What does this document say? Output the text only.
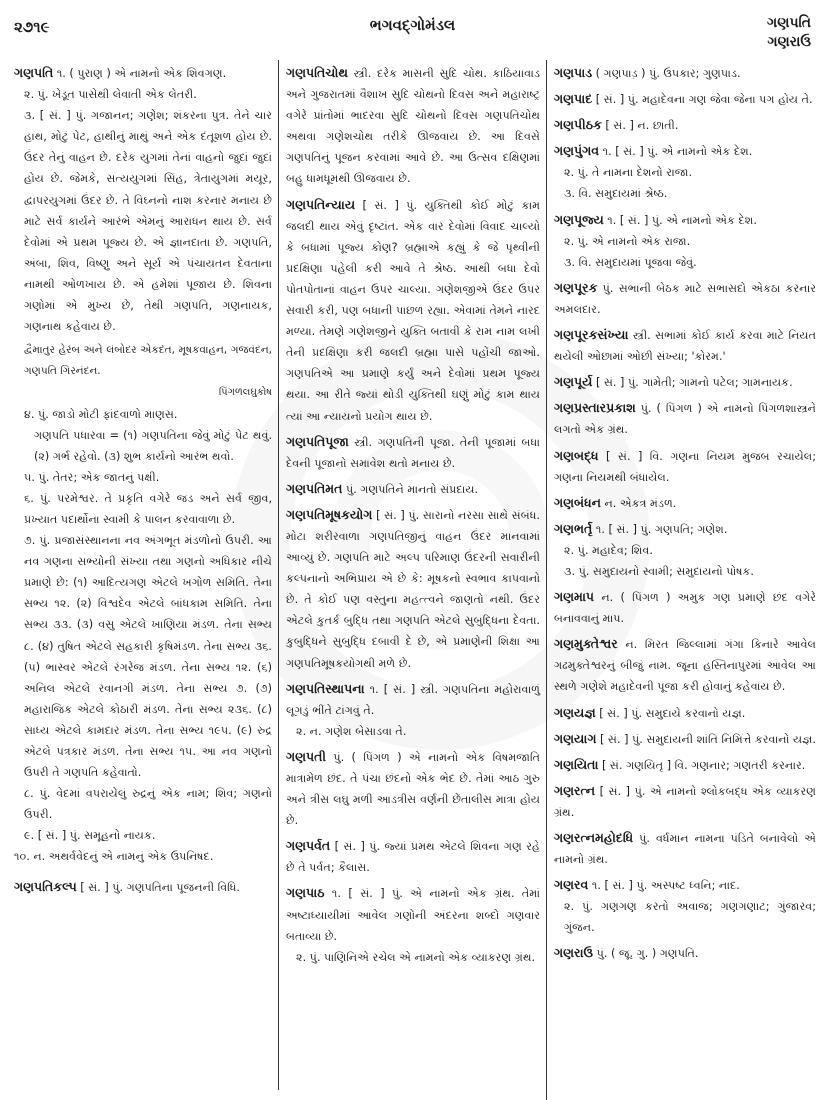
૨૭૧૯	ભગવદ્ગોમંડલ	ગણપતિ
ગણરાઉ
ગણપતિ ૧. ( પુરાણ ) એ નામનો એક શિવગણ.
૨. પું. ખેડૂત પાસેથી લેવાતી એક લેતરી.
૩. [ સં. ] પું. ગજાનન; ગણેશ; શંકરના પુત્ર. તેને ચાર હાથ, મોટું પેટ, હાથીનું માથું અને એક દંતૂશળ હોય છે. ઉંદર તેનું વાહન છે. દરેક યુગમાં તેનાં વાહનો જુદાં જુદાં હોય છે. જેમકે, સત્યયુગમાં સિંહ, ત્રેતાયુગમાં મયૂર, દ્વાપરયુગમાં ઉંદર છે. તે વિઘ્નનો નાશ કરનાર મનાય છે માટે સર્વ કાર્યને આરંભે એમનું આરાધન થાય છે. સર્વ દેવોમાં એ પ્રથમ પૂજ્ય છે. એ જ્ઞાનદાતા છે. ગણપતિ, અંબા, શિવ, વિષ્ણુ અને સૂર્ય એ પંચાયતન દેવતાના નામથી ઓળખાય છે. એ હમેશાં પૂજાય છે. શિવના ગણોમાં એ મુખ્ય છે, તેથી ગણપતિ, ગણનાયક, ગણનાથ કહેવાય છે.
દ્વૈમાતુર હેરંબ અને લંબોદર એકદંત, મૂષકવાહન, ગજવંદન, ગણપતિ ગિરનંદન.
પિંગળલઘુકોષ
૪. પું. જાડો મોટી ફાંદવાળો માણસ.
ગણપતિ પધારવા = (૧) ગણપતિના જેવું મોટું પેટ થવું. (૨) ગર્ભ રહેવો. (૩) શુભ કાર્યનો આરંભ થવો.
૫. પું. તેતર; એક જાતનું પક્ષી.
૬. પું. પરમેશ્વર. તે પ્રકૃતિ વગેરે જડ અને સર્વ જીવ, પ્રખ્યાત પદાર્થોના સ્વામી કે પાલન કરવાવાળા છે.
૭. પું. પ્રજાસંસ્થાનના નવ અંગભૂત મંડળોનો ઉપરી. આ નવ ગણના સભ્યોની સંખ્યા તથા ગણનો અધિકાર નીચે પ્રમાણે છે: (૧) આદિત્યગણ એટલે ખગોળ સમિતિ. તેના સભ્ય ૧૨. (૨) વિશ્વદેવ એટલે બાંધકામ સમિતિ. તેના સભ્ય ૩૩. (૩) વસુ એટલે ખાણિયા મંડળ. તેના સભ્ય ૮. (૪) તુષિત એટલે સહકારી કૃષિમંડળ. તેના સભ્ય ૩૬. (૫) ભાસ્વર એટલે રંગરેજ મંડળ. તેના સભ્ય ૧૨. (૬) અનિલ એટલે રવાનગી મંડળ. તેના સભ્ય ૭. (૭) મહારાજિક એટલે કોઠારી મંડળ. તેના સભ્ય ૨૩૬. (૮) સાધ્ય એટલે કામદાર મંડળ. તેના સભ્ય ૧૯૫. (૯) રુદ્ર એટલે પત્રકાર મંડળ. તેના સભ્ય ૧૫. આ નવ ગણનો ઉપરી તે ગણપતિ કહેવાતો.
૮. પું. વેદમાં વપરાયેલું રુદ્રનું એક નામ; શિવ; ગણનો ઉપરી.
૯. [ સં. ] પું. સમૂહનો નાયક.
૧૦. ન. અથર્વવેદનું એ નામનું એક ઉપનિષદ.
ગણપતિકલ્પ [ સં. ] પું. ગણપતિના પૂજનની વિધિ.
ગણપતિચોથ સ્ત્રી. દરેક માસની સુદિ ચોથ. કાઠિયાવાડ અને ગુજરાતમાં વૈશાખ સુદિ ચોથનો દિવસ અને મહારાષ્ટ્ર વગેરે પ્રાંતોમાં ભાદરવા સુદિ ચોથનો દિવસ ગણપતિચોથ અથવા ગણેશચોથ તરીકે ઊજવાય છે. આ દિવસે ગણપતિનું પૂજન કરવામાં આવે છે. આ ઉત્સવ દક્ષિણમાં બહુ ધામધૂમથી ઊજવાય છે.
ગણપતિન્યાય [ સં. ] પું. યુક્તિથી કોઈ મોટું કામ જલદી થાય એવું દૃષ્ટાંત. એક વાર દેવોમાં વિવાદ ચાલ્યો કે બધામાં પૂજ્ય કોણ? બ્રહ્માએ કહ્યું કે જે પૃથ્વીની પ્રદક્ષિણા પહેલી કરી આવે તે શ્રેષ્ઠ. આથી બધા દેવો પોતપોતાનાં વાહન ઉપર ચાલ્યા. ગણેશજીએ ઉંદર ઉપર સવારી કરી, પણ બધાની પાછળ રહ્યા. એવામાં તેમને નારદ મળ્યા. તેમણે ગણેશજીને યુક્તિ બતાવી કે રામ નામ લખી તેની પ્રદક્ષિણા કરી જલદી બ્રહ્મા પાસે પહોંચી જાઓ. ગણપતિએ આ પ્રમાણે કર્યું અને દેવોમાં પ્રથમ પૂજ્ય થયા. આ રીતે જ્યાં થોડી યુક્તિથી ઘણું મોટું કામ થાય ત્યાં આ ન્યાયનો પ્રયોગ થાય છે.
ગણપતિપૂજા સ્ત્રી. ગણપતિની પૂજા. તેની પૂજામાં બધા દેવની પૂજાનો સમાવેશ થતો મનાય છે.
ગણપતિમત પું. ગણપતિને માનતો સંપ્રદાય.
ગણપતિમૂષકયોગ [ સં. ] પું. સારાનો નરસા સાથે સંબંધ. મોટા શરીરવાળા ગણપતિજીનું વાહન ઉંદર માનવામાં આવ્યું છે. ગણપતિ માટે અલ્પ પરિમાણ ઉંદરની સવારીની કલ્પનાનો અભિપ્રાય એ છે કે: મૂષકનો સ્વભાવ કાપવાનો છે. તે કોઈ પણ વસ્તુના મહત્ત્વને જાણતો નથી. ઉંદર એટલે કુતર્ક બુદ્ધિ તથા ગણપતિ એટલે સુબુદ્ધિના દેવતા. કુબુદ્ધિને સુબુદ્ધિ દબાવી દે છે, એ પ્રમાણેની શિક્ષા આ ગણપતિમૂષકયોગથી મળે છે.
ગણપતિસ્થાપના ૧. [ સં. ] સ્ત્રી. ગણપતિના મહોરાવાળું લૂગડું ભીંતે ટાંગવું તે.
૨. ન. ગણેશ બેસાડવા તે.
ગણપતી પું. ( પિંગળ ) એ નામનો એક વિષમજાતિ માત્રામેળ છંદ. તે પંચા છંદનો એક ભેદ છે. તેમાં આઠ ગુરુ અને ત્રીસ લઘુ મળી આડત્રીસ વર્ણની છેંતાલીસ માત્રા હોય છે.
ગણપર્વત [ સં. ] પું. જ્યાં પ્રમથ એટલે શિવના ગણ રહે છે તે પર્વત; કૈલાસ.
ગણપાઠ ૧. [ સં. ] પું. એ નામનો એક ગ્રંથ. તેમાં અષ્ટાધ્યાયીમાં આવેલ ગણોની અંદરના શબ્દો ગણવાર બતાવ્યા છે.
૨. પું. પાણિનિએ રચેલ એ નામનો એક વ્યાકરણ ગ્રંથ.
ગણપાડ ( ગણપાડ઼ ) પું. ઉપકાર; ગુણપાડ.
ગણપાદ [ સં. ] પું. મહાદેવના ગણ જેવા જેના પગ હોય તે.
ગણપીઠક [ સં. ] ન. છાતી.
ગણપુંગવ ૧. [ સં. ] પું. એ નામનો એક દેશ.
૨. પું. તે નામના દેશનો રાજા.
૩. વિ. સમુદાયમાં શ્રેષ્ઠ.
ગણપૂજ્ય ૧. [ સં. ] પું. એ નામનો એક દેશ.
૨. પું. એ નામનો એક રાજા.
૩. વિ. સમુદાયમાં પૂજવા જેવું.
ગણપૂરક પું. સભાની બેઠક માટે સભાસદો એકઠા કરનાર અમલદાર.
ગણપૂરકસંખ્યા સ્ત્રી. સભામાં કોઈ કાર્ય કરવા માટે નિયત થયેલી ઓછામાં ઓછી સંખ્યા; 'કોરમ.'
ગણપૂર્ય [ સં. ] પું. ગામેતી; ગામનો પટેલ; ગામનાયક.
ગણપ્રસ્તારપ્રકાશ પું. ( પિંગળ ) એ નામનો પિંગળશાસ્ત્રને લગતો એક ગ્રંથ.
ગણબદ્ધ [ સં. ] વિ. ગણના નિયમ મુજબ રચાયેલ; ગણના નિયમથી બંધાયેલ.
ગણબંધન ન. એકત્ર મંડળ.
ગણભર્તૃ ૧. [ સં. ] પું. ગણપતિ; ગણેશ.
૨. પું. મહાદેવ; શિવ.
૩. પું. સમુદાયનો સ્વામી; સમુદાયનો પોષક.
ગણમાપ ન. ( પિંગળ ) અમુક ગણ પ્રમાણે છંદ વગેરે બનાવવાનું માપ.
ગણમુક્તેશ્વર ન. મિરત જિલ્લામાં ગંગા કિનારે આવેલ ગઢમુક્તેશ્વરનું બીજું નામ. જૂના હસ્તિનાપુરમાં આવેલ આ સ્થળે ગણેશે મહાદેવની પૂજા કરી હોવાનું કહેવાય છે.
ગણયજ્ઞ [ સં. ] પું. સમુદાયે કરવાનો યજ્ઞ.
ગણયાગ [ સં. ] પું. સમુદાયની શાંતિ નિમિત્તે કરવાનો યજ્ઞ.
ગણયિતા [ સં. ગણયિતૃ ] વિ. ગણનાર; ગણતરી કરનાર.
ગણરત્ન [ સં. ] પું. એ નામનો શ્લોકબદ્ધ એક વ્યાકરણ ગ્રંથ.
ગણરત્નમહોદધિ પું. વર્ધમાન નામના પંડિતે બનાવેલો એ નામનો ગ્રંથ.
ગણરવ ૧. [ સં. ] પું. અસ્પષ્ટ ધ્વનિ; નાદ.
૨. પું. ગણગણ કરતો અવાજ; ગણગણાટ; ગુંજારવ; ગુંજન.
ગણરાઉ પું. ( જૂ. ગુ. ) ગણપતિ.
